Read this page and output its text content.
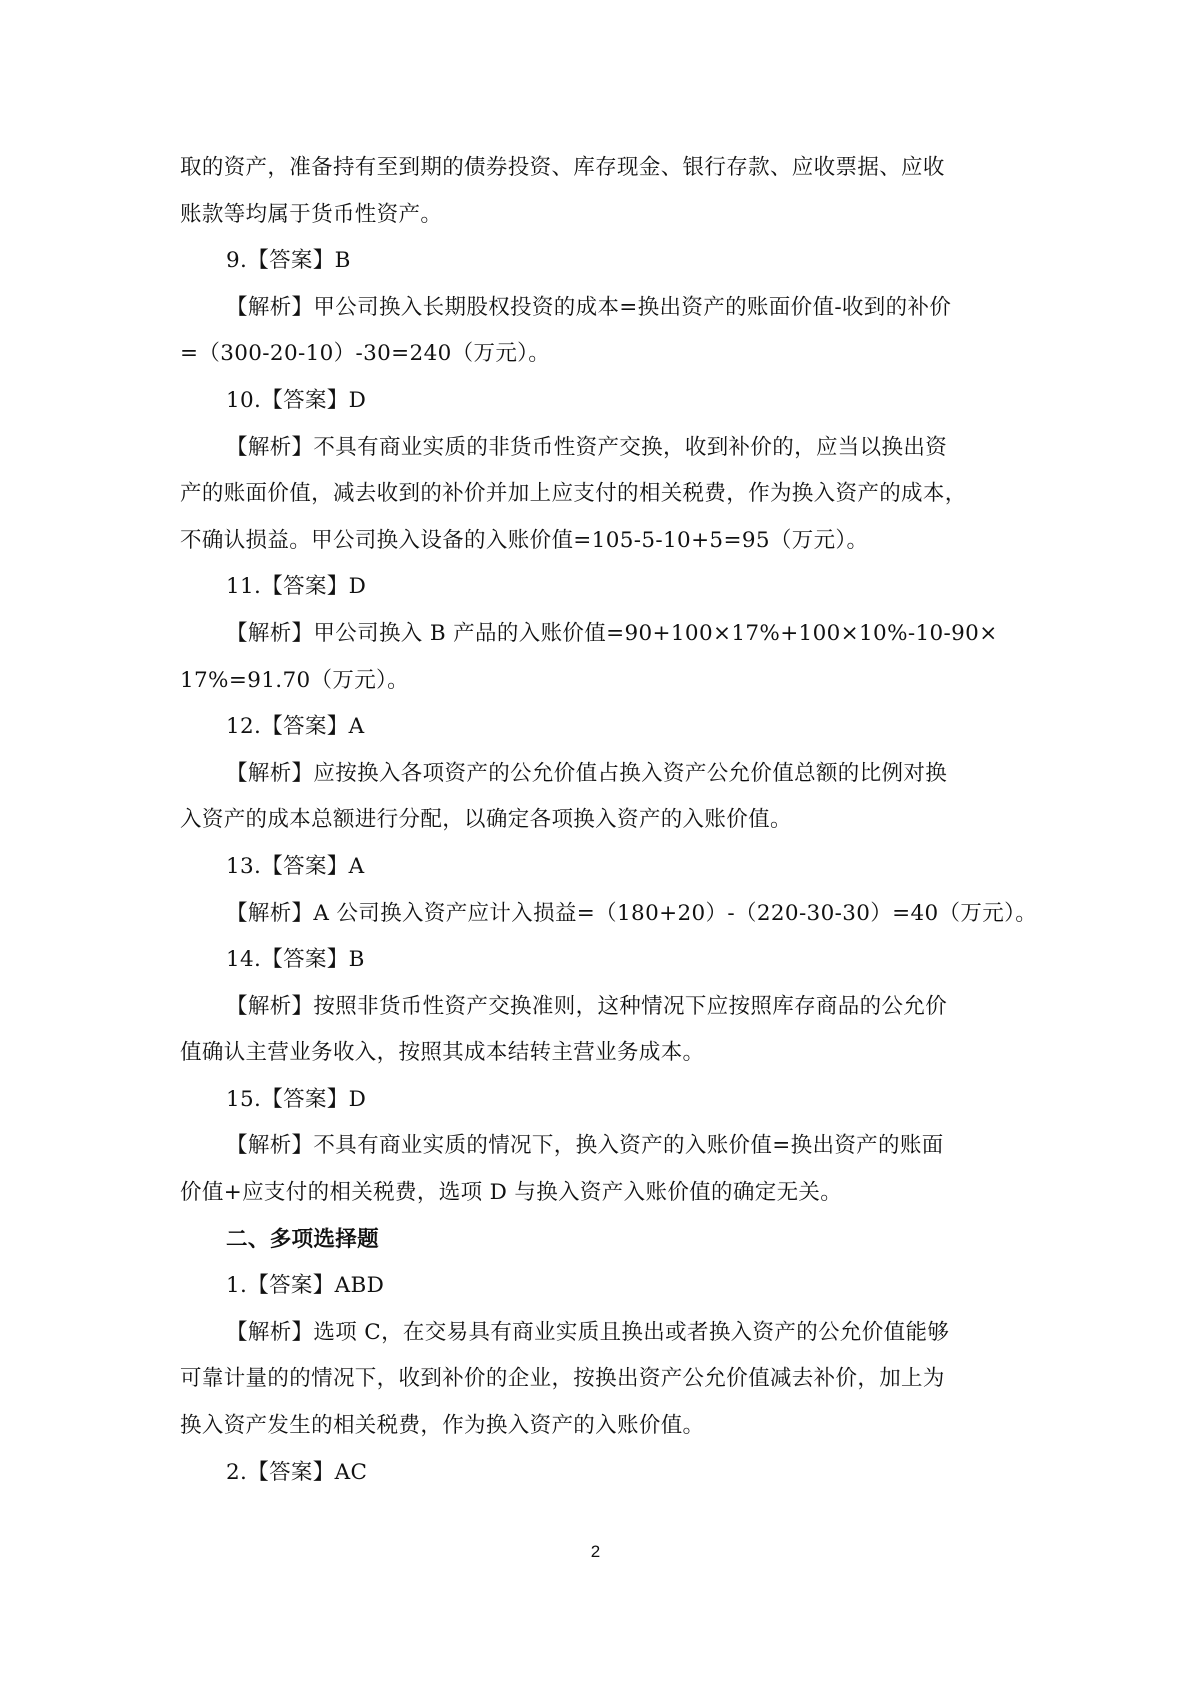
取的资产，准备持有至到期的债券投资、库存现金、银行存款、应收票据、应收
账款等均属于货币性资产。
9.【答案】B
【解析】甲公司换入长期股权投资的成本=换出资产的账面价值-收到的补价
=（300-20-10）-30=240（万元）。
10.【答案】D
【解析】不具有商业实质的非货币性资产交换，收到补价的，应当以换出资
产的账面价值，减去收到的补价并加上应支付的相关税费，作为换入资产的成本，
不确认损益。甲公司换入设备的入账价值=105-5-10+5=95（万元）。
11.【答案】D
【解析】甲公司换入 B 产品的入账价值=90+100×17%+100×10%-10-90×
17%=91.70（万元）。
12.【答案】A
【解析】应按换入各项资产的公允价值占换入资产公允价值总额的比例对换
入资产的成本总额进行分配，以确定各项换入资产的入账价值。
13.【答案】A
【解析】A 公司换入资产应计入损益=（180+20）-（220-30-30）=40（万元）。
14.【答案】B
【解析】按照非货币性资产交换准则，这种情况下应按照库存商品的公允价
值确认主营业务收入，按照其成本结转主营业务成本。
15.【答案】D
【解析】不具有商业实质的情况下，换入资产的入账价值=换出资产的账面
价值+应支付的相关税费，选项 D 与换入资产入账价值的确定无关。
二、多项选择题
1.【答案】ABD
【解析】选项 C，在交易具有商业实质且换出或者换入资产的公允价值能够
可靠计量的的情况下，收到补价的企业，按换出资产公允价值减去补价，加上为
换入资产发生的相关税费，作为换入资产的入账价值。
2.【答案】AC
2
